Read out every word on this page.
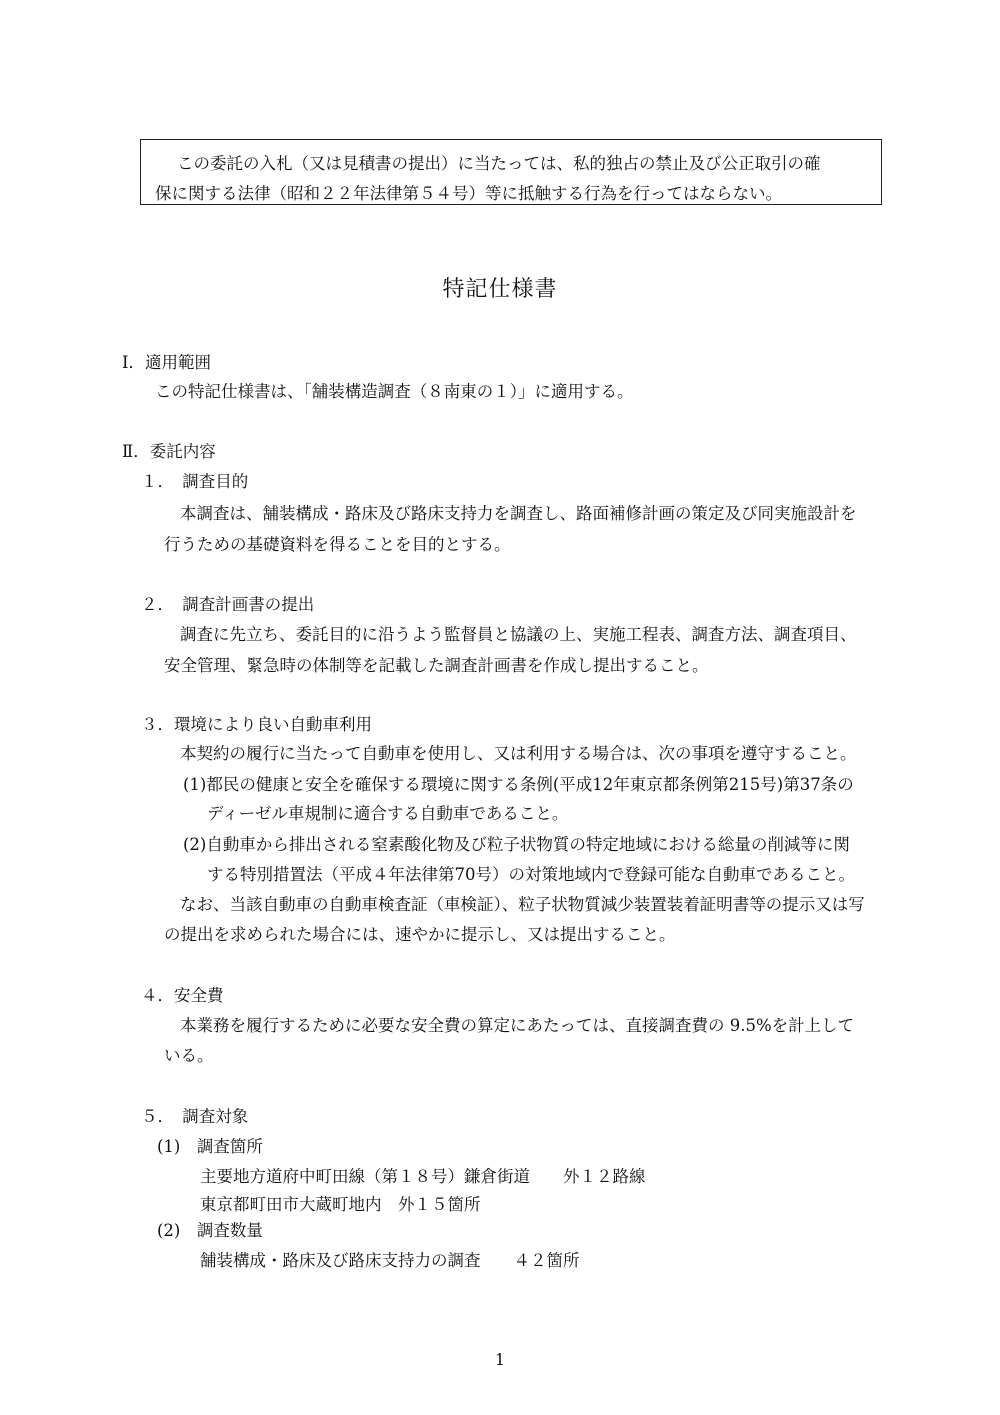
この委託の入札（又は見積書の提出）に当たっては、私的独占の禁止及び公正取引の確
保に関する法律（昭和２２年法律第５４号）等に抵触する行為を行ってはならない。
特記仕様書
Ⅰ．適用範囲
この特記仕様書は、「舗装構造調査（８南東の１）」に適用する。
Ⅱ．委託内容
１．　調査目的
本調査は、舗装構成・路床及び路床支持力を調査し、路面補修計画の策定及び同実施設計を
行うための基礎資料を得ることを目的とする。
２．　調査計画書の提出
調査に先立ち、委託目的に沿うよう監督員と協議の上、実施工程表、調査方法、調査項目、
安全管理、緊急時の体制等を記載した調査計画書を作成し提出すること。
３．環境により良い自動車利用
本契約の履行に当たって自動車を使用し、又は利用する場合は、次の事項を遵守すること。
(1)都民の健康と安全を確保する環境に関する条例(平成12年東京都条例第215号)第37条の
ディーゼル車規制に適合する自動車であること。
(2)自動車から排出される窒素酸化物及び粒子状物質の特定地域における総量の削減等に関
する特別措置法（平成４年法律第70号）の対策地域内で登録可能な自動車であること。
なお、当該自動車の自動車検査証（車検証）、粒子状物質減少装置装着証明書等の提示又は写
の提出を求められた場合には、速やかに提示し、又は提出すること。
４．安全費
本業務を履行するために必要な安全費の算定にあたっては、直接調査費の 9.5%を計上して
いる。
５．　調査対象
(1)　調査箇所
主要地方道府中町田線（第１８号）鎌倉街道　　外１２路線
東京都町田市大蔵町地内　外１５箇所
(2)　調査数量
舗装構成・路床及び路床支持力の調査　　４２箇所
1
